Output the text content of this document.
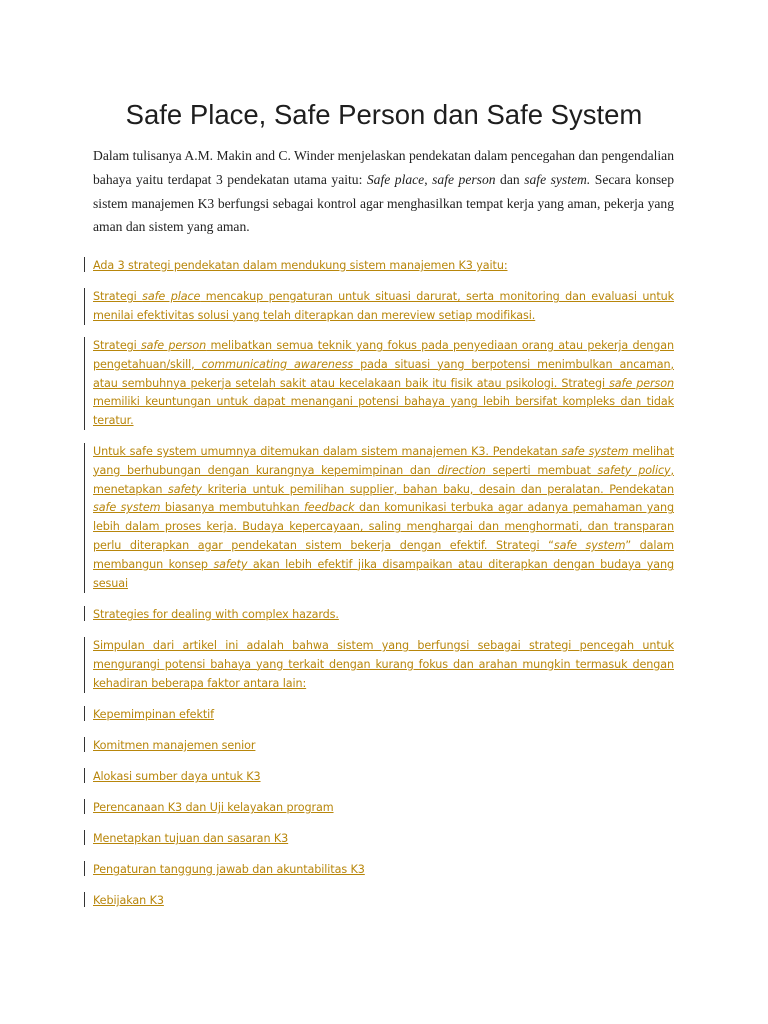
Safe Place, Safe Person dan Safe System
Dalam tulisanya A.M. Makin and C. Winder menjelaskan pendekatan dalam pencegahan dan pengendalian bahaya yaitu terdapat 3 pendekatan utama yaitu: Safe place, safe person dan safe system. Secara konsep sistem manajemen K3 berfungsi sebagai kontrol agar menghasilkan tempat kerja yang aman, pekerja yang aman dan sistem yang aman.
Ada 3 strategi pendekatan dalam mendukung sistem manajemen K3 yaitu:
Strategi safe place mencakup pengaturan untuk situasi darurat, serta monitoring dan evaluasi untuk menilai efektivitas solusi yang telah diterapkan dan mereview setiap modifikasi.
Strategi safe person melibatkan semua teknik yang fokus pada penyediaan orang atau pekerja dengan pengetahuan/skill, communicating awareness pada situasi yang berpotensi menimbulkan ancaman, atau sembuhnya pekerja setelah sakit atau kecelakaan baik itu fisik atau psikologi. Strategi safe person memiliki keuntungan untuk dapat menangani potensi bahaya yang lebih bersifat kompleks dan tidak teratur.
Untuk safe system umumnya ditemukan dalam sistem manajemen K3. Pendekatan safe system melihat yang berhubungan dengan kurangnya kepemimpinan dan direction seperti membuat safety policy, menetapkan safety kriteria untuk pemilihan supplier, bahan baku, desain dan peralatan. Pendekatan safe system biasanya membutuhkan feedback dan komunikasi terbuka agar adanya pemahaman yang lebih dalam proses kerja. Budaya kepercayaan, saling menghargai dan menghormati, dan transparan perlu diterapkan agar pendekatan sistem bekerja dengan efektif. Strategi “safe system” dalam membangun konsep safety akan lebih efektif jika disampaikan atau diterapkan dengan budaya yang sesuai
Strategies for dealing with complex hazards.
Simpulan dari artikel ini adalah bahwa sistem yang berfungsi sebagai strategi pencegah untuk mengurangi potensi bahaya yang terkait dengan kurang fokus dan arahan mungkin termasuk dengan kehadiran beberapa faktor antara lain:
Kepemimpinan efektif
Komitmen manajemen senior
Alokasi sumber daya untuk K3
Perencanaan K3 dan Uji kelayakan program
Menetapkan tujuan dan sasaran K3
Pengaturan tanggung jawab dan akuntabilitas K3
Kebijakan K3
